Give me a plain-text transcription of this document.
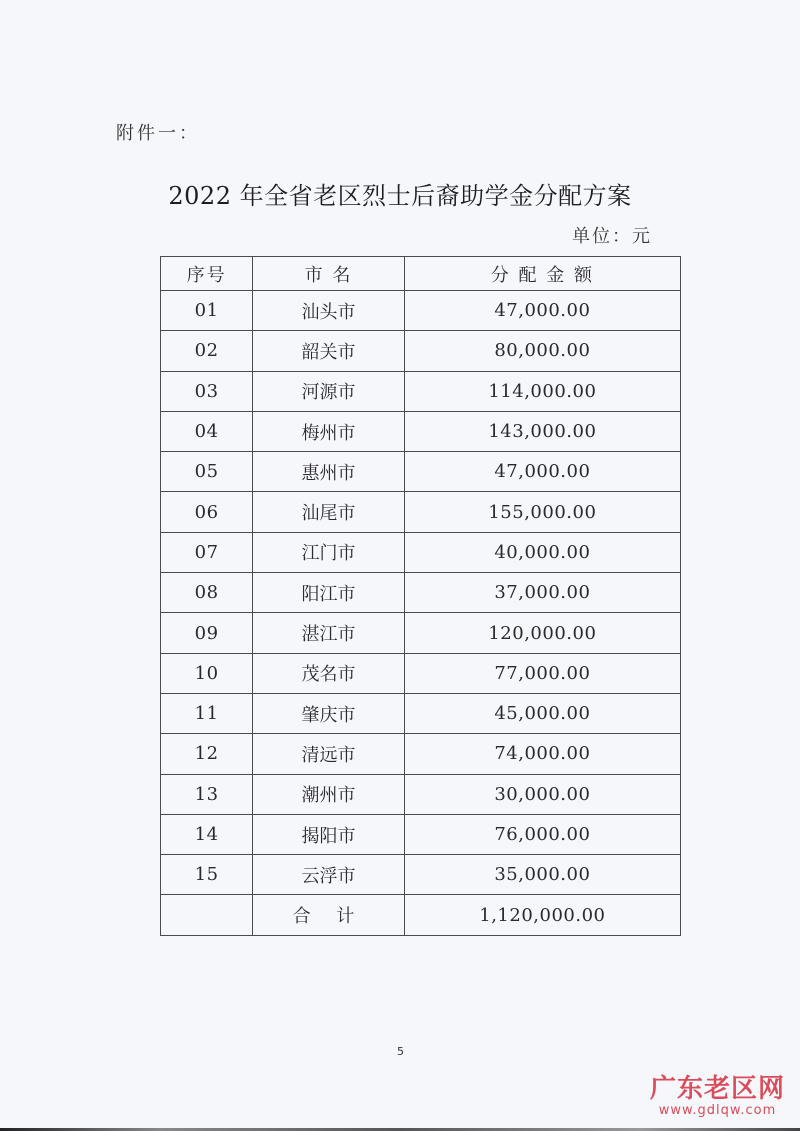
附件一：
2022 年全省老区烈士后裔助学金分配方案
单位：元
序号	市 名	分 配 金 额
01	汕头市	47,000.00
02	韶关市	80,000.00
03	河源市	114,000.00
04	梅州市	143,000.00
05	惠州市	47,000.00
06	汕尾市	155,000.00
07	江门市	40,000.00
08	阳江市	37,000.00
09	湛江市	120,000.00
10	茂名市	77,000.00
11	肇庆市	45,000.00
12	清远市	74,000.00
13	潮州市	30,000.00
14	揭阳市	76,000.00
15	云浮市	35,000.00
	合 计	1,120,000.00
5
广东老区网
www.gdlqw.com
